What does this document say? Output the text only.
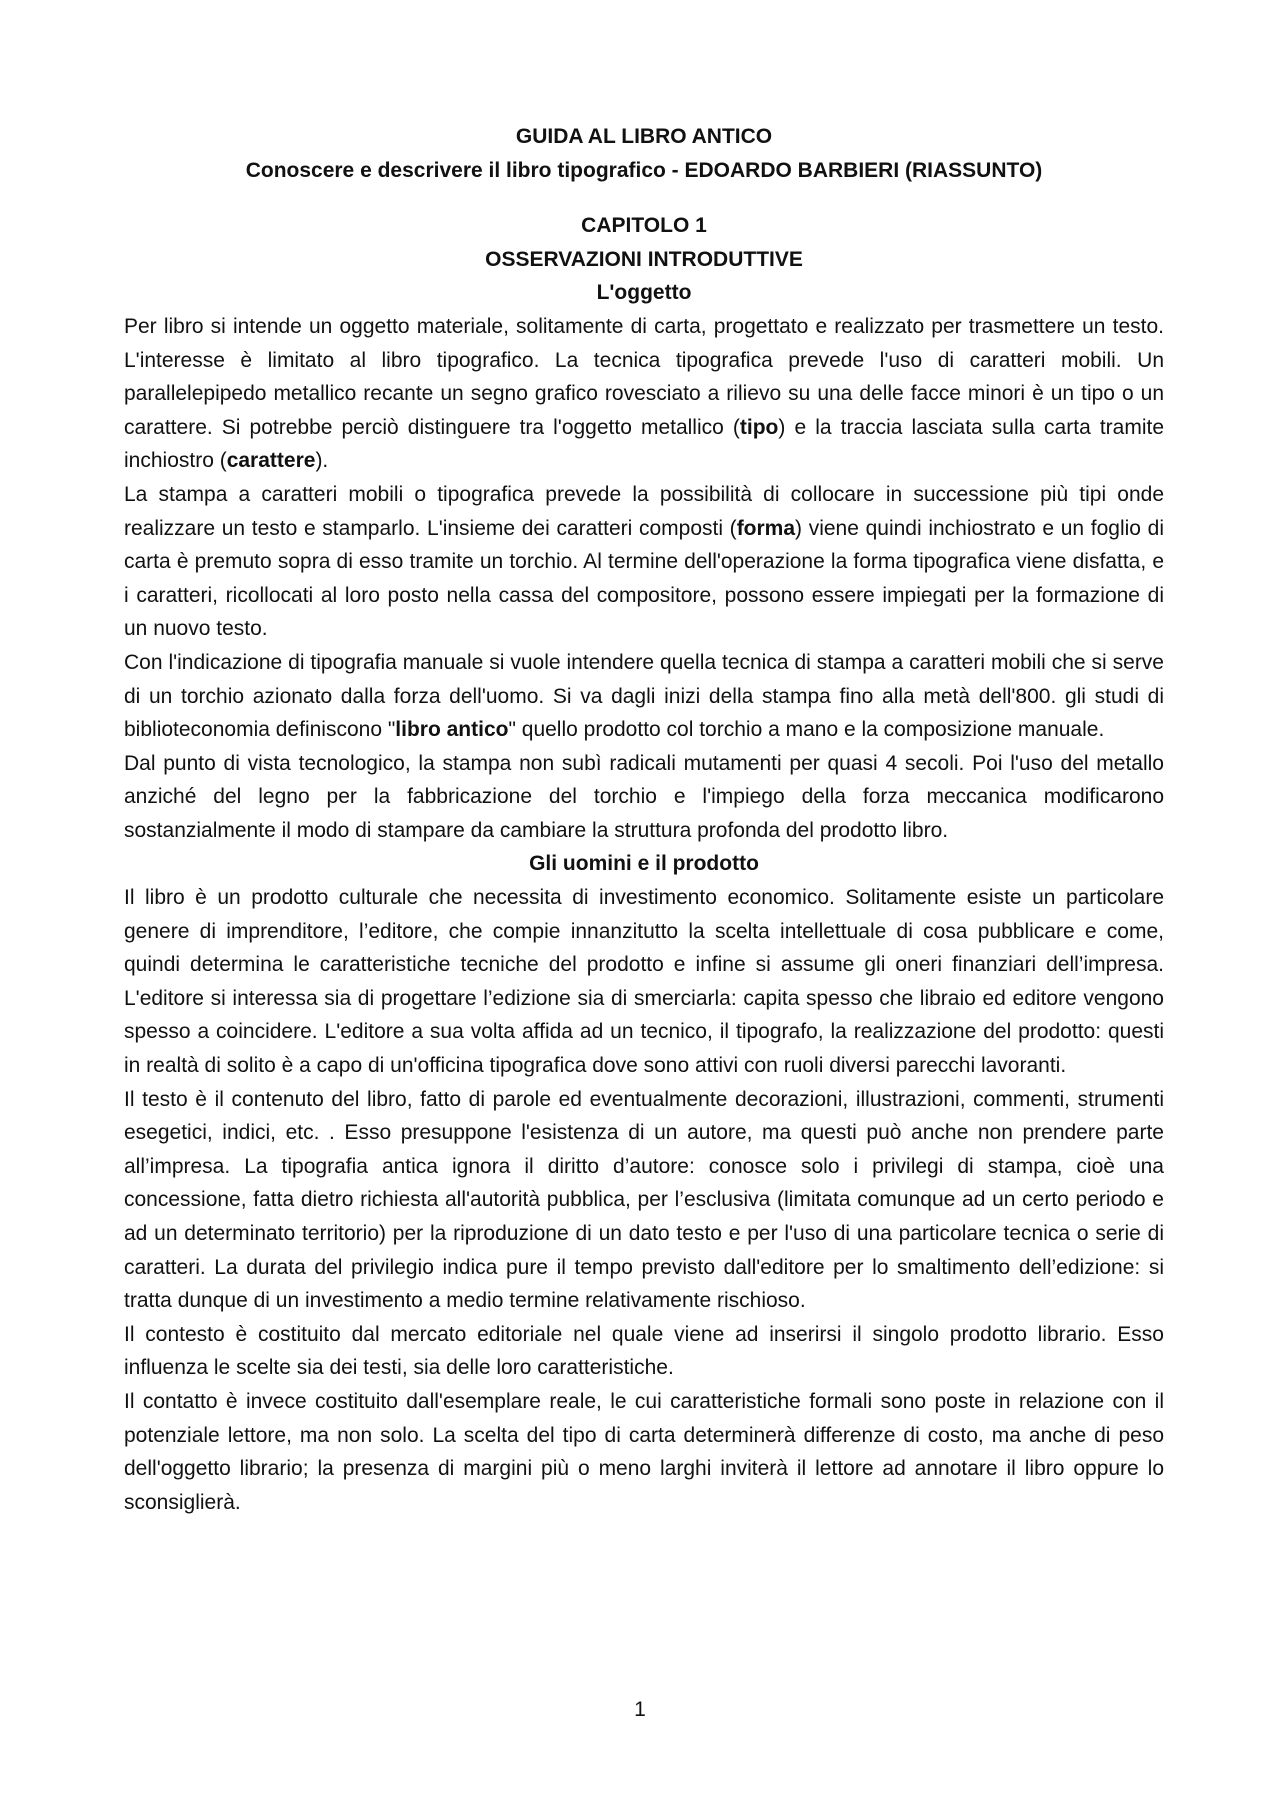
GUIDA AL LIBRO ANTICO
Conoscere e descrivere il libro tipografico - EDOARDO BARBIERI (RIASSUNTO)
CAPITOLO 1
OSSERVAZIONI INTRODUTTIVE
L'oggetto

Per libro si intende un oggetto materiale, solitamente di carta, progettato e realizzato per trasmettere un testo. L'interesse è limitato al libro tipografico. La tecnica tipografica prevede l'uso di caratteri mobili. Un parallelepipedo metallico recante un segno grafico rovesciato a rilievo su una delle facce minori è un tipo o un carattere. Si potrebbe perciò distinguere tra l'oggetto metallico (tipo) e la traccia lasciata sulla carta tramite inchiostro (carattere).

La stampa a caratteri mobili o tipografica prevede la possibilità di collocare in successione più tipi onde realizzare un testo e stamparlo. L'insieme dei caratteri composti (forma) viene quindi inchiostrato e un foglio di carta è premuto sopra di esso tramite un torchio. Al termine dell'operazione la forma tipografica viene disfatta, e i caratteri, ricollocati al loro posto nella cassa del compositore, possono essere impiegati per la formazione di un nuovo testo.

Con l'indicazione di tipografia manuale si vuole intendere quella tecnica di stampa a caratteri mobili che si serve di un torchio azionato dalla forza dell'uomo. Si va dagli inizi della stampa fino alla metà dell'800. gli studi di biblioteconomia definiscono "libro antico" quello prodotto col torchio a mano e la composizione manuale.

Dal punto di vista tecnologico, la stampa non subì radicali mutamenti per quasi 4 secoli. Poi l'uso del metallo anziché del legno per la fabbricazione del torchio e l'impiego della forza meccanica modificarono sostanzialmente il modo di stampare da cambiare la struttura profonda del prodotto libro.

Gli uomini e il prodotto

Il libro è un prodotto culturale che necessita di investimento economico. Solitamente esiste un particolare genere di imprenditore, l’editore, che compie innanzitutto la scelta intellettuale di cosa pubblicare e come, quindi determina le caratteristiche tecniche del prodotto e infine si assume gli oneri finanziari dell’impresa. L'editore si interessa sia di progettare l’edizione sia di smerciarla: capita spesso che libraio ed editore vengono spesso a coincidere. L'editore a sua volta affida ad un tecnico, il tipografo, la realizzazione del prodotto: questi in realtà di solito è a capo di un'officina tipografica dove sono attivi con ruoli diversi parecchi lavoranti.

Il testo è il contenuto del libro, fatto di parole ed eventualmente decorazioni, illustrazioni, commenti, strumenti esegetici, indici, etc. . Esso presuppone l'esistenza di un autore, ma questi può anche non prendere parte all’impresa. La tipografia antica ignora il diritto d’autore: conosce solo i privilegi di stampa, cioè una concessione, fatta dietro richiesta all'autorità pubblica, per l’esclusiva (limitata comunque ad un certo periodo e ad un determinato territorio) per la riproduzione di un dato testo e per l'uso di una particolare tecnica o serie di caratteri. La durata del privilegio indica pure il tempo previsto dall'editore per lo smaltimento dell’edizione: si tratta dunque di un investimento a medio termine relativamente rischioso.

Il contesto è costituito dal mercato editoriale nel quale viene ad inserirsi il singolo prodotto librario. Esso influenza le scelte sia dei testi, sia delle loro caratteristiche.

Il contatto è invece costituito dall'esemplare reale, le cui caratteristiche formali sono poste in relazione con il potenziale lettore, ma non solo. La scelta del tipo di carta determinerà differenze di costo, ma anche di peso dell'oggetto librario; la presenza di margini più o meno larghi inviterà il lettore ad annotare il libro oppure lo sconsiglierà.

1
